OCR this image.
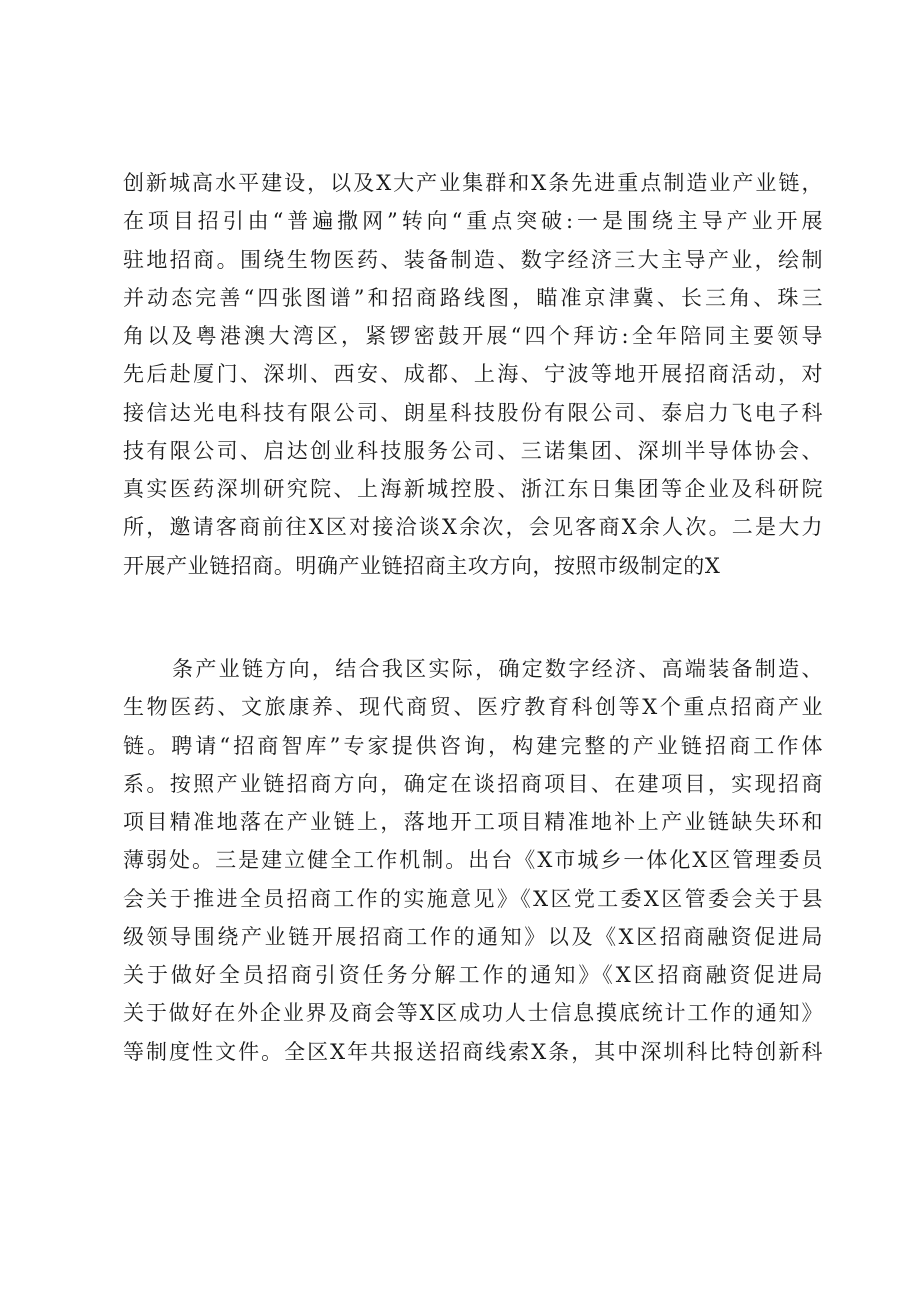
创新城高水平建设，以及X大产业集群和X条先进重点制造业产业链，
在项目招引由“普遍撒网”转向“重点突破:一是围绕主导产业开展
驻地招商。围绕生物医药、装备制造、数字经济三大主导产业，绘制
并动态完善“四张图谱”和招商路线图，瞄准京津冀、长三角、珠三
角以及粤港澳大湾区，紧锣密鼓开展“四个拜访:全年陪同主要领导
先后赴厦门、深圳、西安、成都、上海、宁波等地开展招商活动，对
接信达光电科技有限公司、朗星科技股份有限公司、泰启力飞电子科
技有限公司、启达创业科技服务公司、三诺集团、深圳半导体协会、
真实医药深圳研究院、上海新城控股、浙江东日集团等企业及科研院
所，邀请客商前往X区对接洽谈X余次，会见客商X余人次。二是大力
开展产业链招商。明确产业链招商主攻方向，按照市级制定的X
条产业链方向，结合我区实际，确定数字经济、高端装备制造、
生物医药、文旅康养、现代商贸、医疗教育科创等X个重点招商产业
链。聘请“招商智库”专家提供咨询，构建完整的产业链招商工作体
系。按照产业链招商方向，确定在谈招商项目、在建项目，实现招商
项目精准地落在产业链上，落地开工项目精准地补上产业链缺失环和
薄弱处。三是建立健全工作机制。出台《X市城乡一体化X区管理委员
会关于推进全员招商工作的实施意见》《X区党工委X区管委会关于县
级领导围绕产业链开展招商工作的通知》以及《X区招商融资促进局
关于做好全员招商引资任务分解工作的通知》《X区招商融资促进局
关于做好在外企业界及商会等X区成功人士信息摸底统计工作的通知》
等制度性文件。全区X年共报送招商线索X条，其中深圳科比特创新科
